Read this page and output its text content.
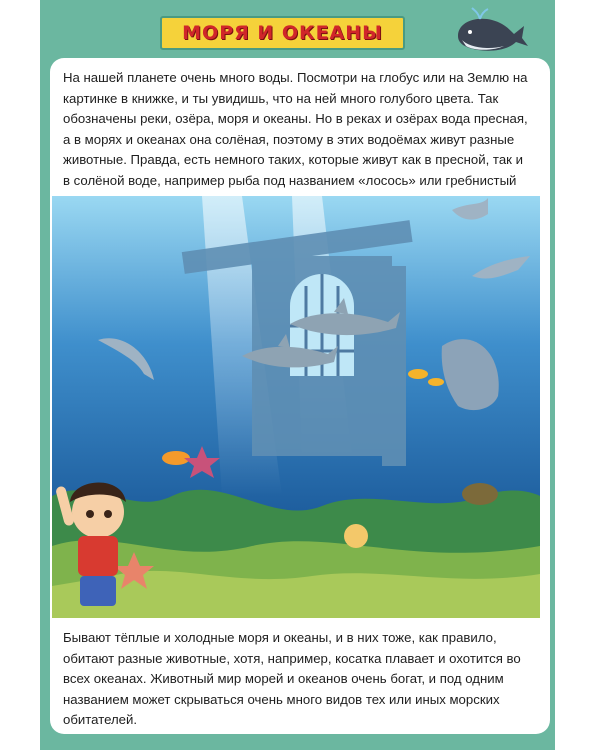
МОРЯ И ОКЕАНЫ

На нашей планете очень много воды. Посмотри на глобус или на Землю на картинке в книжке, и ты увидишь, что на ней много голубого цвета. Так обозначены реки, озёра, моря и океаны. Но в реках и озёрах вода пресная, а в морях и океанах она солёная, поэтому в этих водоёмах живут разные животные. Правда, есть немного таких, которые живут как в пресной, так и в солёной воде, например рыба под названием «лосось» или гребнистый

Бывают тёплые и холодные моря и океаны, и в них тоже, как правило, обитают разные животные, хотя, например, косатка плавает и охотится во всех океанах. Животный мир морей и океанов очень богат, и под одним названием может скрываться очень много видов тех или иных морских обитателей.
